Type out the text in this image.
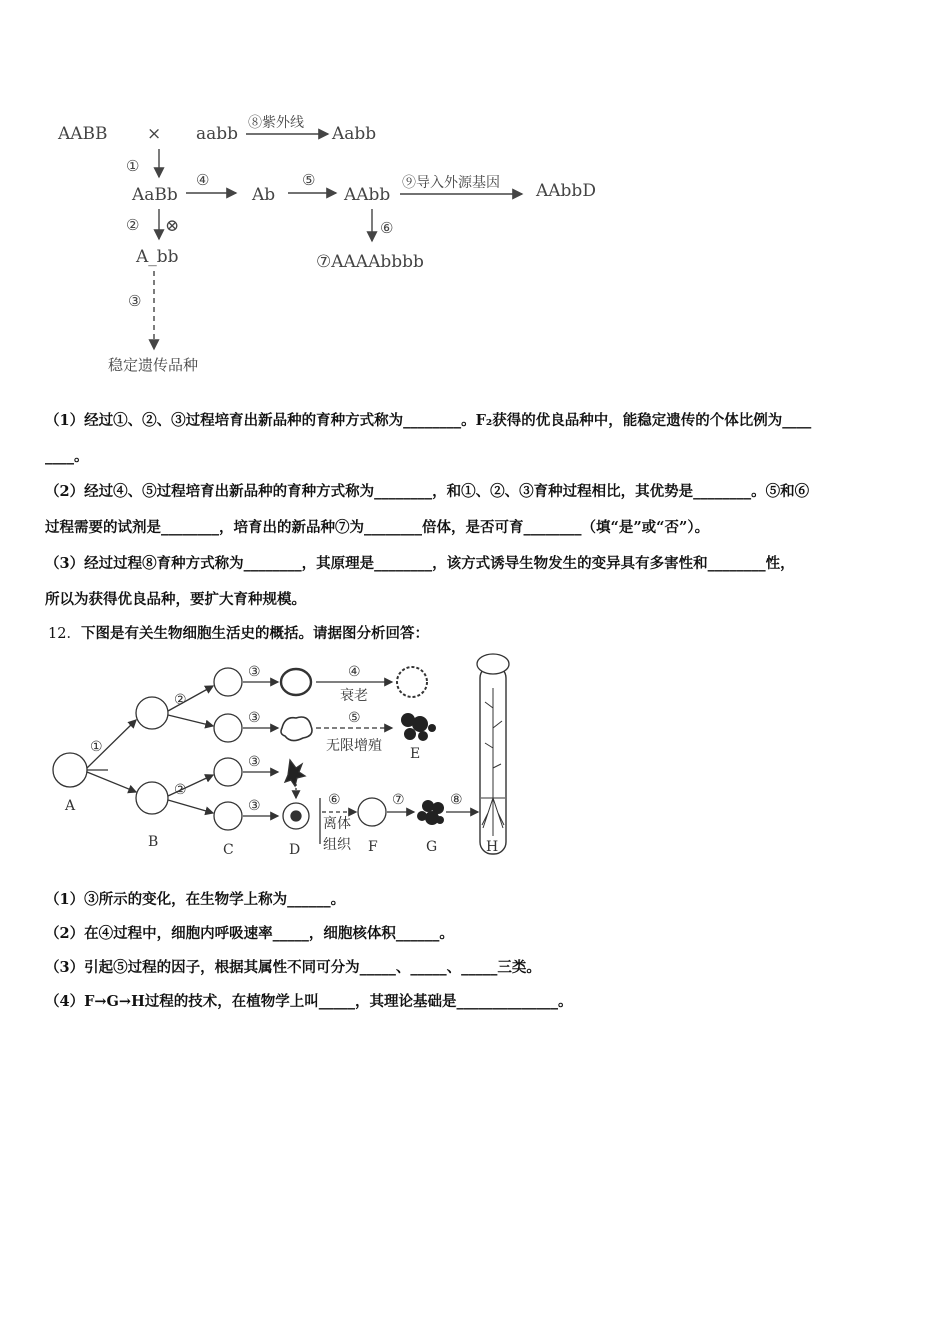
AABB × aabb
⑧紫外线
Aabb
①
AaBb
④
Ab
⑤
AAbb
⑨导入外源基因 AAbbD
② ⊗	⑥
⑦AAAAbbbb
A_bb
③
稳定遗传品种
（1）经过①、②、③过程培育出新品种的育种方式称为________。F₂获得的优良品种中，能稳定遗传的个体比例为____
____。
（2）经过④、⑤过程培育出新品种的育种方式称为________，和①、②、③育种过程相比，其优势是________。⑤和⑥
过程需要的试剂是________，培育出的新品种⑦为________倍体，是否可育________（填“是”或“否”）。
（3）经过过程⑧育种方式称为________，其原理是________，该方式诱导生物发生的变异具有多害性和________性，
所以为获得优良品种，要扩大育种规模。
12．下图是有关生物细胞生活史的概括。请据图分析回答：
①
②
②
③
③
③
③
④
衰老
⑤
无限增殖
⑥
离体
组织
⑦	⑧
A
B	C	D
E
F	G	H
（1）③所示的变化，在生物学上称为______。
（2）在④过程中，细胞内呼吸速率_____，细胞核体积______。
（3）引起⑤过程的因子，根据其属性不同可分为_____、_____、_____三类。
（4）F→G→H过程的技术，在植物学上叫_____，其理论基础是______________。
